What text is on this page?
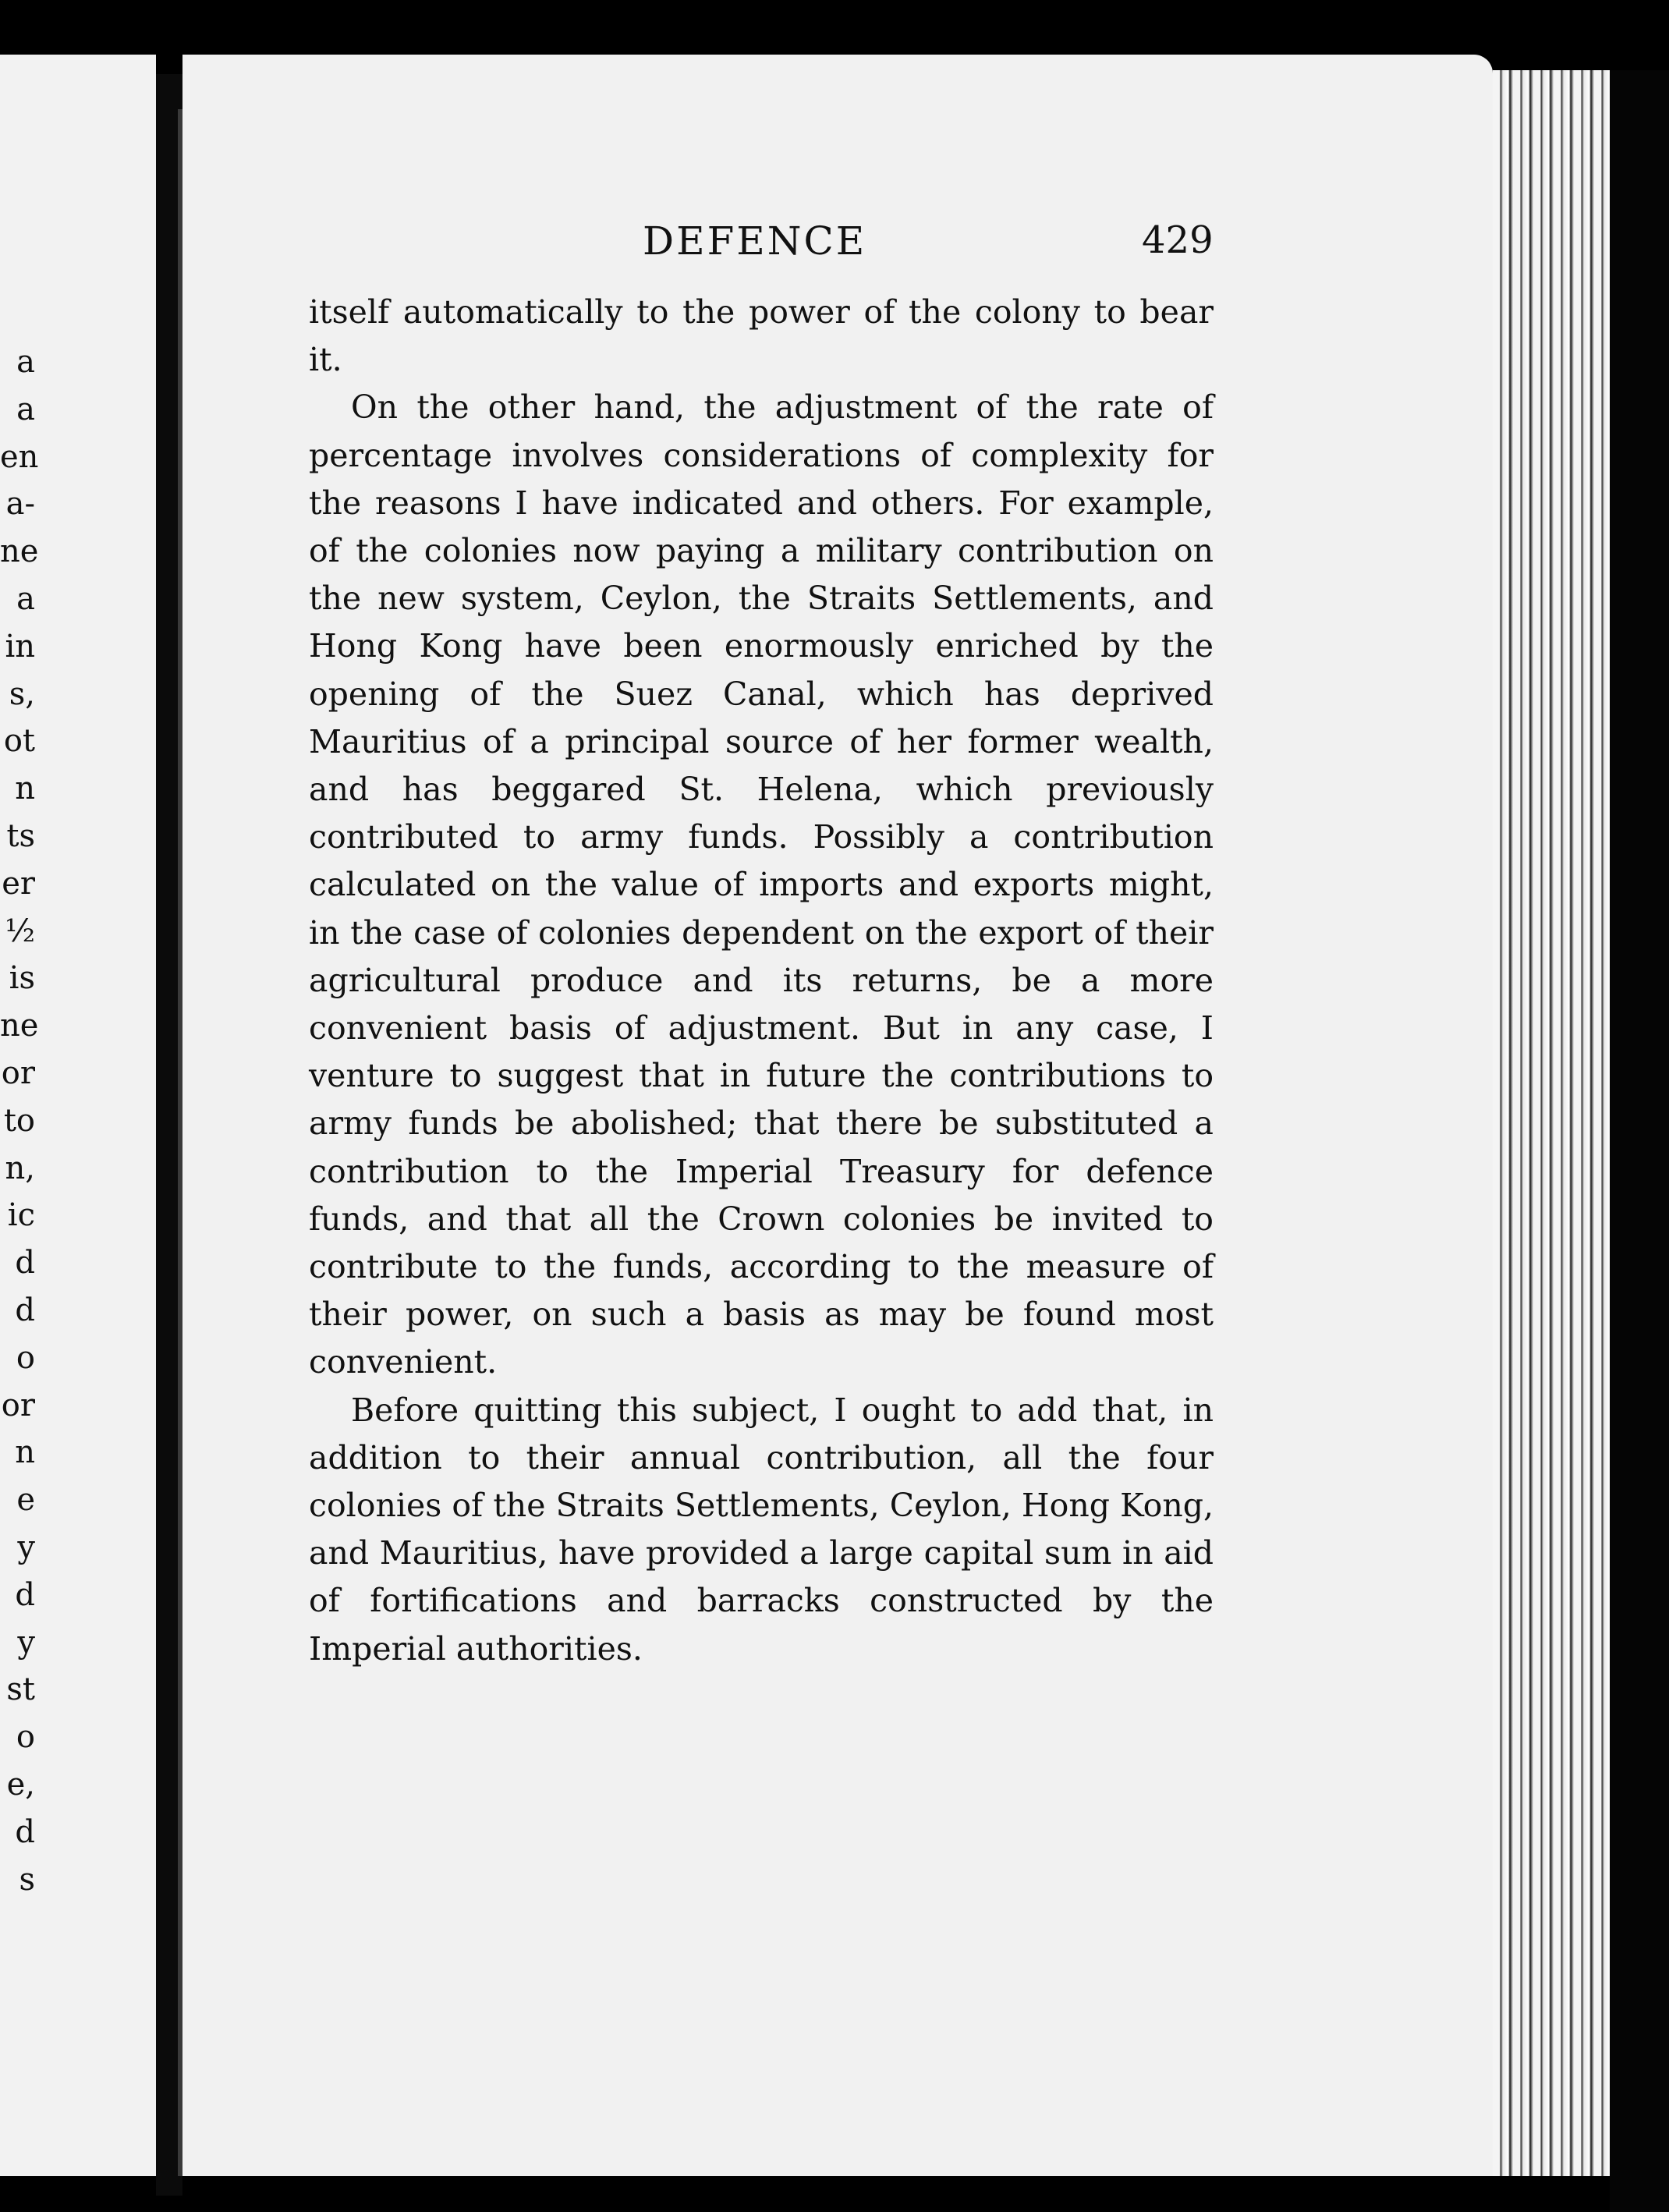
a
a
en
a-
ne
a
in
s,
ot
n
ts
er
½
is
ne
or
to
n,
ic
d
d
o
or
n
e
y
d
y
st
o
e,
d
s
DEFENCE	429

itself automatically to the power of the colony to bear it.

On the other hand, the adjustment of the rate of percentage involves considerations of complexity for the reasons I have indicated and others. For example, of the colonies now paying a military contribution on the new system, Ceylon, the Straits Settlements, and Hong Kong have been enormously enriched by the opening of the Suez Canal, which has deprived Mauritius of a principal source of her former wealth, and has beggared St. Helena, which previously contributed to army funds. Possibly a contribution calculated on the value of imports and exports might, in the case of colonies dependent on the export of their agricultural produce and its returns, be a more convenient basis of adjustment. But in any case, I venture to suggest that in future the contributions to army funds be abolished; that there be substituted a contribution to the Imperial Treasury for defence funds, and that all the Crown colonies be invited to contribute to the funds, according to the measure of their power, on such a basis as may be found most convenient.

Before quitting this subject, I ought to add that, in addition to their annual contribution, all the four colonies of the Straits Settlements, Ceylon, Hong Kong, and Mauritius, have provided a large capital sum in aid of fortifications and barracks constructed by the Imperial authorities.
